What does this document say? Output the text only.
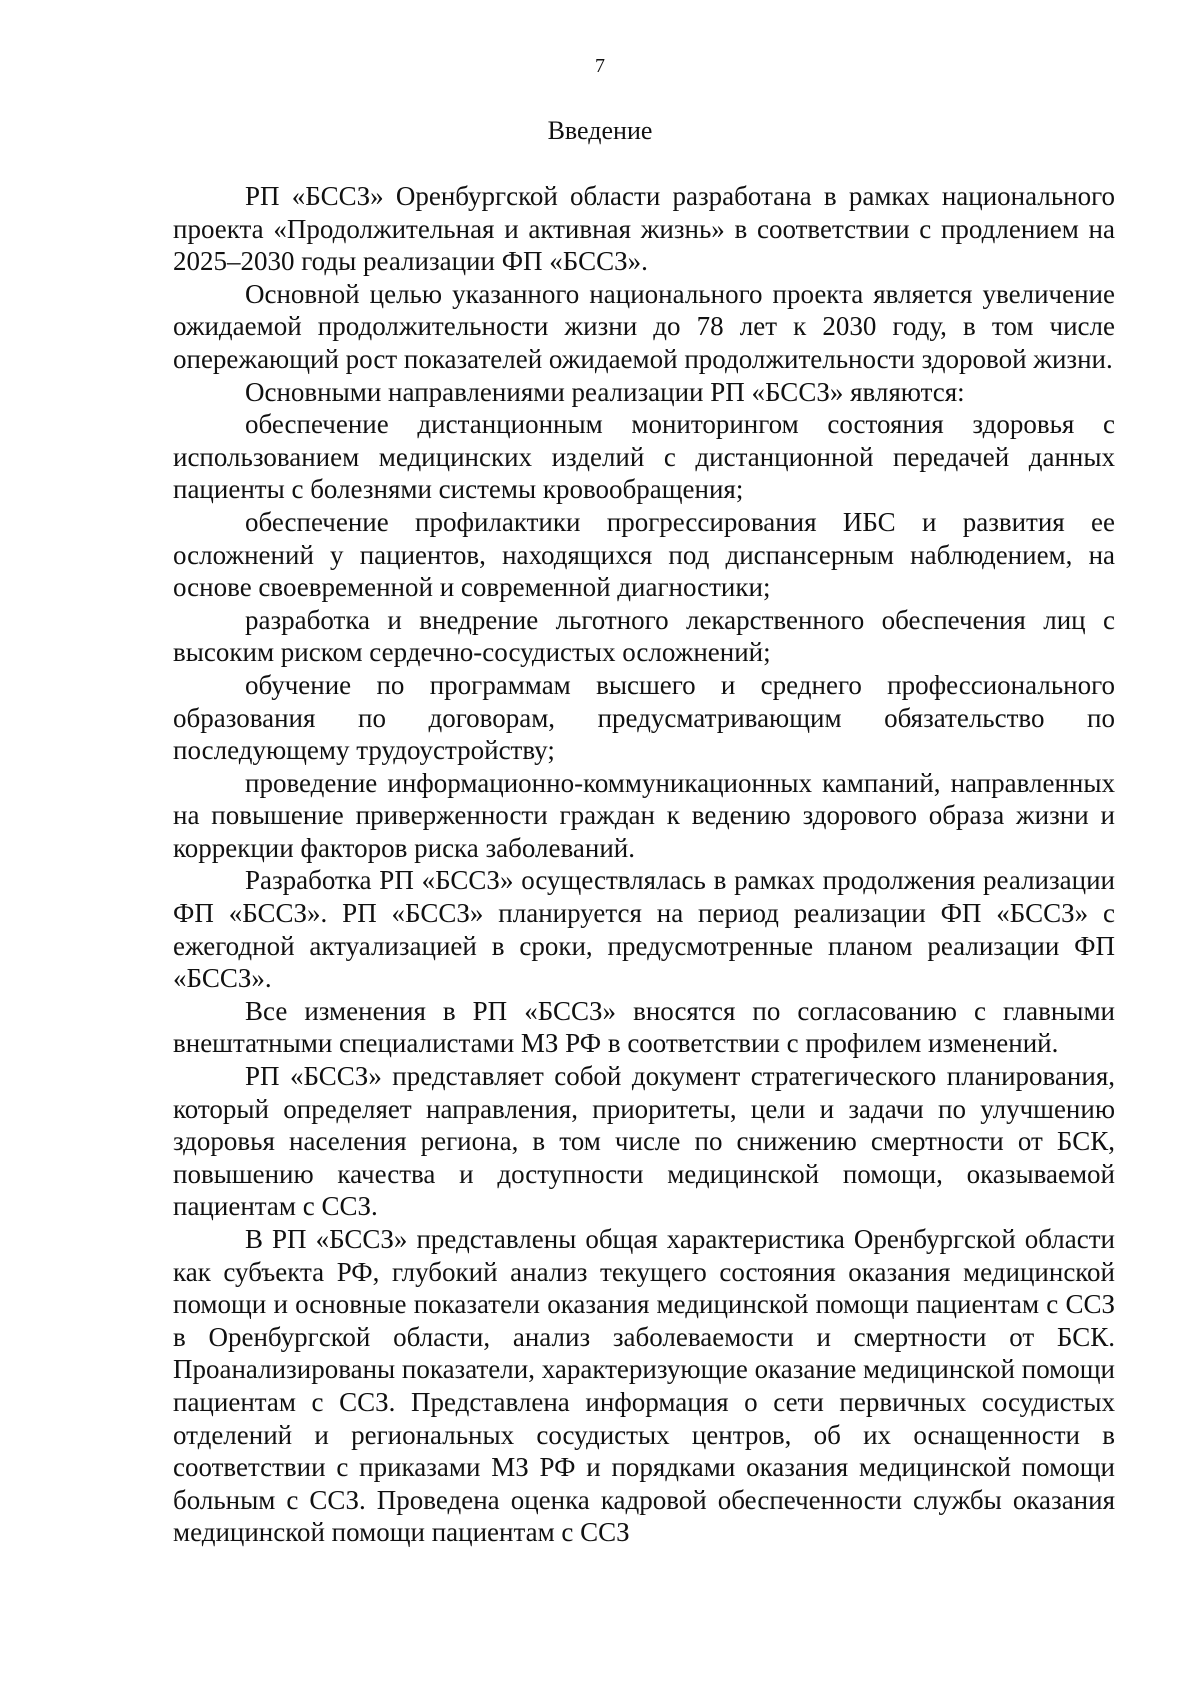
7
Введение

РП «БССЗ» Оренбургской области разработана в рамках национального проекта «Продолжительная и активная жизнь» в соответствии с продлением на 2025–2030 годы реализации ФП «БССЗ».

Основной целью указанного национального проекта является увеличение ожидаемой продолжительности жизни до 78 лет к 2030 году, в том числе опережающий рост показателей ожидаемой продолжительности здоровой жизни.

Основными направлениями реализации РП «БССЗ» являются:

обеспечение дистанционным мониторингом состояния здоровья с использованием медицинских изделий с дистанционной передачей данных пациенты с болезнями системы кровообращения;

обеспечение профилактики прогрессирования ИБС и развития ее осложнений у пациентов, находящихся под диспансерным наблюдением, на основе своевременной и современной диагностики;

разработка и внедрение льготного лекарственного обеспечения лиц с высоким риском сердечно-сосудистых осложнений;

обучение по программам высшего и среднего профессионального образования по договорам, предусматривающим обязательство по последующему трудоустройству;

проведение информационно-коммуникационных кампаний, направленных на повышение приверженности граждан к ведению здорового образа жизни и коррекции факторов риска заболеваний.

Разработка РП «БССЗ» осуществлялась в рамках продолжения реализации ФП «БССЗ». РП «БССЗ» планируется на период реализации ФП «БССЗ» с ежегодной актуализацией в сроки, предусмотренные планом реализации ФП «БССЗ».

Все изменения в РП «БССЗ» вносятся по согласованию с главными внештатными специалистами МЗ РФ в соответствии с профилем изменений.

РП «БССЗ» представляет собой документ стратегического планирования, который определяет направления, приоритеты, цели и задачи по улучшению здоровья населения региона, в том числе по снижению смертности от БСК, повышению качества и доступности медицинской помощи, оказываемой пациентам с ССЗ.

В РП «БССЗ» представлены общая характеристика Оренбургской области как субъекта РФ, глубокий анализ текущего состояния оказания медицинской помощи и основные показатели оказания медицинской помощи пациентам с ССЗ в Оренбургской области, анализ заболеваемости и смертности от БСК. Проанализированы показатели, характеризующие оказание медицинской помощи пациентам с ССЗ. Представлена информация о сети первичных сосудистых отделений и региональных сосудистых центров, об их оснащенности в соответствии с приказами МЗ РФ и порядками оказания медицинской помощи больным с ССЗ. Проведена оценка кадровой обеспеченности службы оказания медицинской помощи пациентам с ССЗ
